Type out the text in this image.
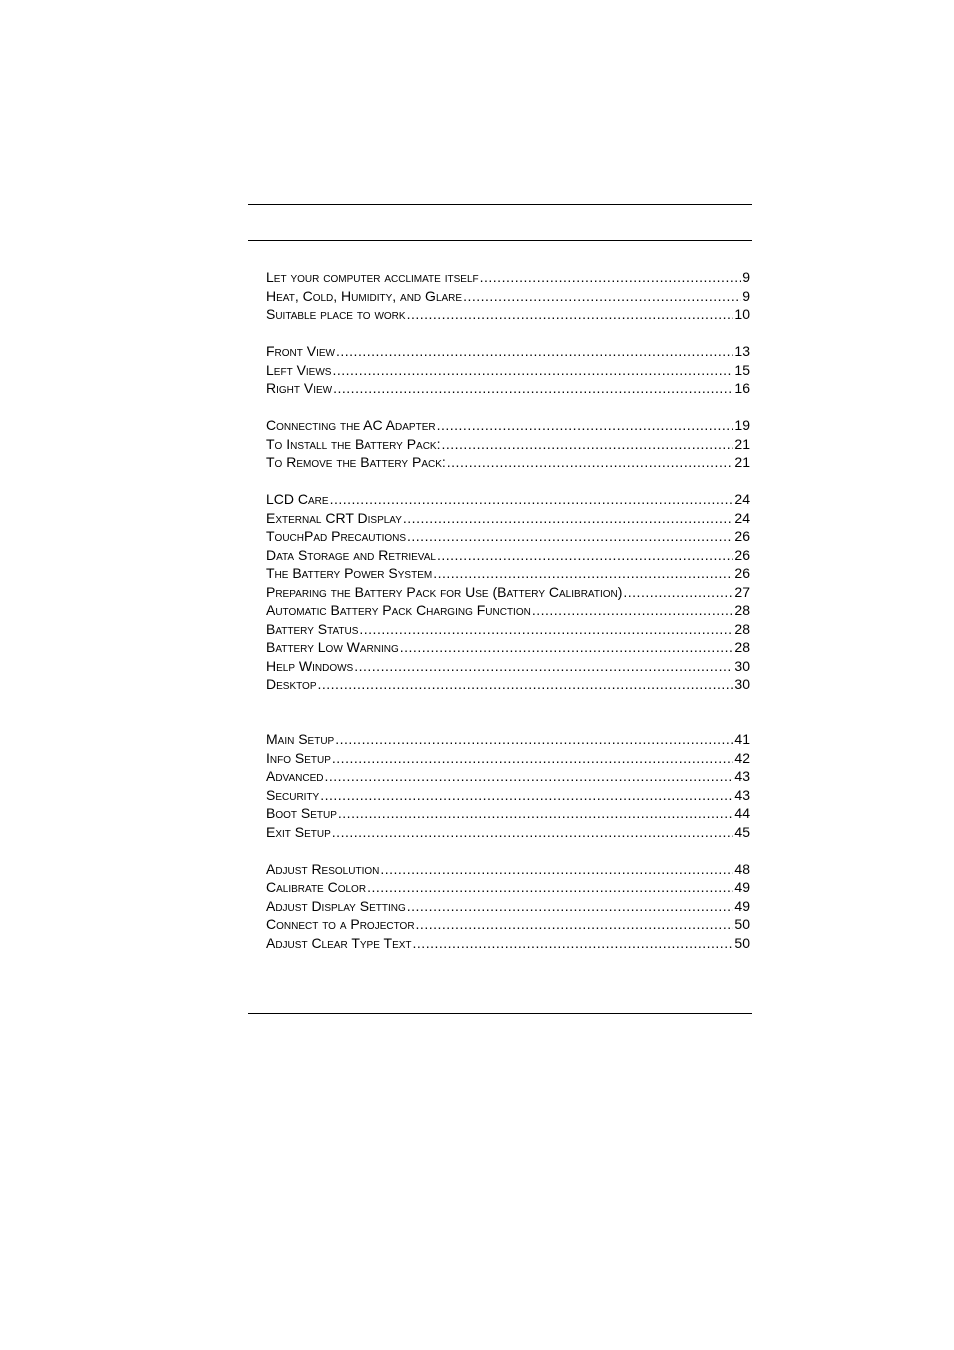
Let your computer acclimate itself .....	9
Heat, Cold, Humidity, and Glare .....	9
Suitable place to work .....	10
Front View .....	13
Left Views .....	15
Right View .....	16
Connecting the AC Adapter .....	19
To Install the Battery Pack: .....	21
To Remove the Battery Pack: .....	21
LCD Care .....	24
External CRT Display .....	24
TouchPad Precautions .....	26
Data Storage and Retrieval .....	26
The Battery Power System .....	26
Preparing the Battery Pack for Use (Battery Calibration) .....	27
Automatic Battery Pack Charging Function .....	28
Battery Status .....	28
Battery Low Warning .....	28
Help Windows .....	30
Desktop .....	30
Main Setup .....	41
Info Setup .....	42
Advanced .....	43
Security .....	43
Boot Setup .....	44
Exit Setup .....	45
Adjust Resolution .....	48
Calibrate Color .....	49
Adjust Display Setting .....	49
Connect to a Projector .....	50
Adjust Clear Type Text .....	50
